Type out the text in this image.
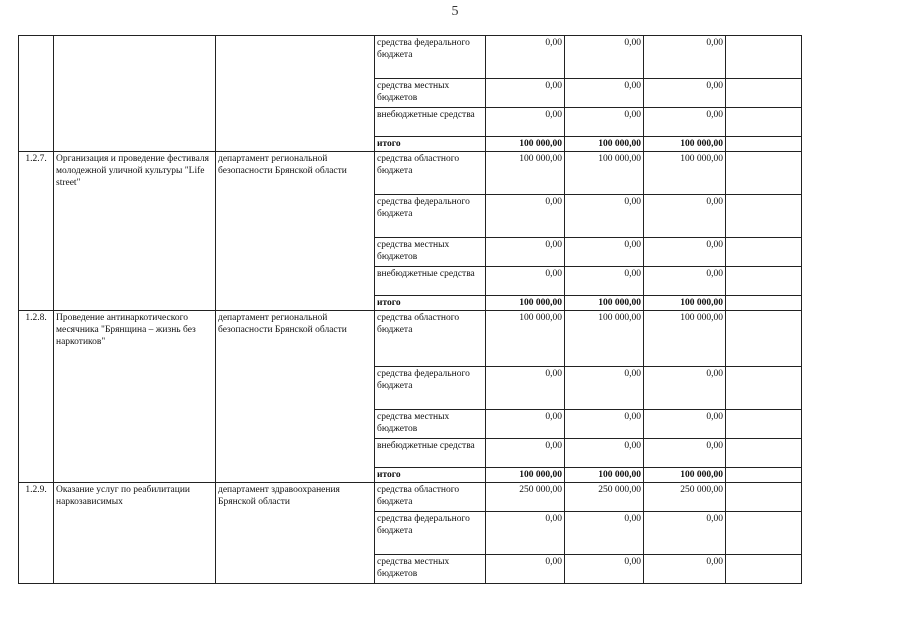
5
			средства федерального бюджета	0,00	0,00	0,00	
			средства местных бюджетов	0,00	0,00	0,00	
			внебюджетные средства	0,00	0,00	0,00	
			итого	100 000,00	100 000,00	100 000,00	
1.2.7.	Организация и проведение фестиваля молодежной уличной культуры "Life street"	департамент региональной безопасности Брянской области	средства областного бюджета	100 000,00	100 000,00	100 000,00	
			средства федерального бюджета	0,00	0,00	0,00	
			средства местных бюджетов	0,00	0,00	0,00	
			внебюджетные средства	0,00	0,00	0,00	
			итого	100 000,00	100 000,00	100 000,00	
1.2.8.	Проведение антинаркотического месячника "Брянщина – жизнь без наркотиков"	департамент региональной безопасности Брянской области	средства областного бюджета	100 000,00	100 000,00	100 000,00	
			средства федерального бюджета	0,00	0,00	0,00	
			средства местных бюджетов	0,00	0,00	0,00	
			внебюджетные средства	0,00	0,00	0,00	
			итого	100 000,00	100 000,00	100 000,00	
1.2.9.	Оказание услуг по реабилитации наркозависимых	департамент здравоохранения Брянской области	средства областного бюджета	250 000,00	250 000,00	250 000,00	
			средства федерального бюджета	0,00	0,00	0,00	
			средства местных бюджетов	0,00	0,00	0,00	
